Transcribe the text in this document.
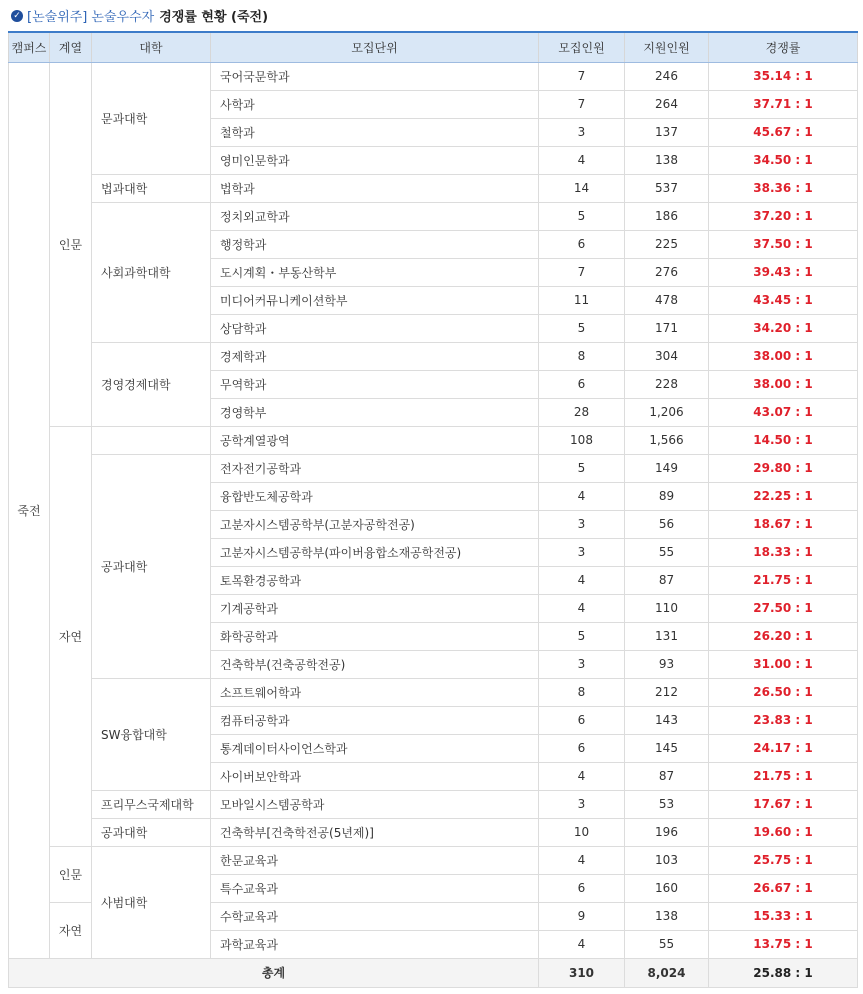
✓ [논술위주] 논술우수자 경쟁률 현황 (죽전)
캠퍼스	계열	대학	모집단위	모집인원	지원인원	경쟁률
죽전	인문	문과대학	국어국문학과	7	246	35.14 : 1
			사학과	7	264	37.71 : 1
			철학과	3	137	45.67 : 1
			영미인문학과	4	138	34.50 : 1
		법과대학	법학과	14	537	38.36 : 1
		사회과학대학	정치외교학과	5	186	37.20 : 1
			행정학과	6	225	37.50 : 1
			도시계획・부동산학부	7	276	39.43 : 1
			미디어커뮤니케이션학부	11	478	43.45 : 1
			상담학과	5	171	34.20 : 1
		경영경제대학	경제학과	8	304	38.00 : 1
			무역학과	6	228	38.00 : 1
			경영학부	28	1,206	43.07 : 1
	자연		공학계열광역	108	1,566	14.50 : 1
		공과대학	전자전기공학과	5	149	29.80 : 1
			융합반도체공학과	4	89	22.25 : 1
			고분자시스템공학부(고분자공학전공)	3	56	18.67 : 1
			고분자시스템공학부(파이버융합소재공학전공)	3	55	18.33 : 1
			토목환경공학과	4	87	21.75 : 1
			기계공학과	4	110	27.50 : 1
			화학공학과	5	131	26.20 : 1
			건축학부(건축공학전공)	3	93	31.00 : 1
		SW융합대학	소프트웨어학과	8	212	26.50 : 1
			컴퓨터공학과	6	143	23.83 : 1
			통계데이터사이언스학과	6	145	24.17 : 1
			사이버보안학과	4	87	21.75 : 1
		프리무스국제대학	모바일시스템공학과	3	53	17.67 : 1
		공과대학	건축학부[건축학전공(5년제)]	10	196	19.60 : 1
	인문	사범대학	한문교육과	4	103	25.75 : 1
			특수교육과	6	160	26.67 : 1
	자연		수학교육과	9	138	15.33 : 1
			과학교육과	4	55	13.75 : 1
총계				310	8,024	25.88 : 1
